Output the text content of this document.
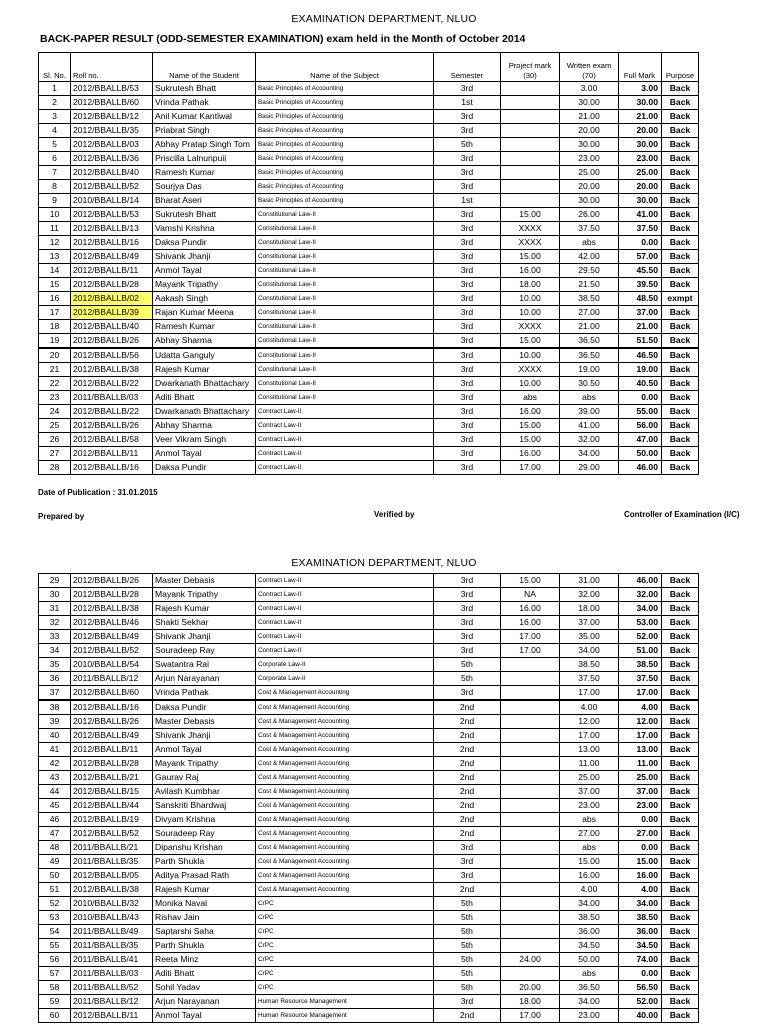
EXAMINATION DEPARTMENT, NLUO
BACK-PAPER RESULT (ODD-SEMESTER EXAMINATION) exam held in the Month of October 2014
Sl. No.	Roll no.	Name of the Student	Name of the Subject	Semester	Project mark (30)	Written exam (70)	Full Mark	Purpose
1	2012/BBALLB/53	Sukrutesh Bhatt	Basic Principles of Accounting	3rd		3.00	3.00	Back
2	2012/BBALLB/60	Vrinda Pathak	Basic Principles of Accounting	1st		30.00	30.00	Back
3	2012/BBALLB/12	Anil Kumar Kantiwal	Basic Principles of Accounting	3rd		21.00	21.00	Back
4	2012/BBALLB/35	Priabrat Singh	Basic Principles of Accounting	3rd		20.00	20.00	Back
5	2012/BBALLB/03	Abhay Pratap Singh Tom	Basic Principles of Accounting	5th		30.00	30.00	Back
6	2012/BBALLB/36	Priscilla Lalnunpuii	Basic Principles of Accounting	3rd		23.00	23.00	Back
7	2012/BBALLB/40	Ramesh Kumar	Basic Principles of Accounting	3rd		25.00	25.00	Back
8	2012/BBALLB/52	Sourjya Das	Basic Principles of Accounting	3rd		20.00	20.00	Back
9	2010/BBALLB/14	Bharat Aseri	Basic Principles of Accounting	1st		30.00	30.00	Back
10	2012/BBALLB/53	Sukrutesh Bhatt	Constitutional Law-II	3rd	15.00	26.00	41.00	Back
11	2012/BBALLB/13	Vamshi Krishna	Constitutional Law-II	3rd	XXXX	37.50	37.50	Back
12	2012/BBALLB/16	Daksa Pundir	Constitutional Law-II	3rd	XXXX	abs	0.00	Back
13	2012/BBALLB/49	Shivank Jhanji	Constitutional Law-II	3rd	15.00	42.00	57.00	Back
14	2012/BBALLB/11	Anmol Tayal	Constitutional Law-II	3rd	16.00	29.50	45.50	Back
15	2012/BBALLB/28	Mayank Tripathy	Constitutional Law-II	3rd	18.00	21.50	39.50	Back
16	2012/BBALLB/02	Aakash Singh	Constitutional Law-II	3rd	10.00	38.50	48.50	exmpt
17	2012/BBALLB/39	Rajan Kumar Meena	Constitutional Law-II	3rd	10.00	27.00	37.00	Back
18	2012/BBALLB/40	Ramesh Kumar	Constitutional Law-II	3rd	XXXX	21.00	21.00	Back
19	2012/BBALLB/26	Abhay Sharma	Constitutional Law-II	3rd	15.00	36.50	51.50	Back
20	2012/BBALLB/56	Udatta Ganguly	Constitutional Law-II	3rd	10.00	36.50	46.50	Back
21	2012/BBALLB/38	Rajesh Kumar	Constitutional Law-II	3rd	XXXX	19.00	19.00	Back
22	2012/BBALLB/22	Dwarkanath Bhattachary	Constitutional Law-II	3rd	10.00	30.50	40.50	Back
23	2011/BBALLB/03	Aditi Bhatt	Constitutional Law-II	3rd	abs	abs	0.00	Back
24	2012/BBALLB/22	Dwarkanath Bhattachary	Contract Law-II	3rd	16.00	39.00	55.00	Back
25	2012/BBALLB/26	Abhay Sharma	Contract Law-II	3rd	15.00	41.00	56.00	Back
26	2012/BBALLB/58	Veer Vikram Singh	Contract Law-II	3rd	15.00	32.00	47.00	Back
27	2012/BBALLB/11	Anmol Tayal	Contract Law-II	3rd	16.00	34.00	50.00	Back
28	2012/BBALLB/16	Daksa Pundir	Contract Law-II	3rd	17.00	29.00	46.00	Back
Date of Publication : 31.01.2015
Prepared by	Verified by	Controller of Examination (I/C)
EXAMINATION DEPARTMENT, NLUO
29	2012/BBALLB/26	Master Debasis	Contract Law-II	3rd	15.00	31.00	46.00	Back
30	2012/BBALLB/28	Mayank Tripathy	Contract Law-II	3rd	NA	32.00	32.00	Back
31	2012/BBALLB/38	Rajesh Kumar	Contract Law-II	3rd	16.00	18.00	34.00	Back
32	2012/BBALLB/46	Shakti Sekhar	Contract Law-II	3rd	16.00	37.00	53.00	Back
33	2012/BBALLB/49	Shivank Jhanji	Contract Law-II	3rd	17.00	35.00	52.00	Back
34	2012/BBALLB/52	Souradeep Ray	Contract Law-II	3rd	17.00	34.00	51.00	Back
35	2010/BBALLB/54	Swatantra Rai	Corporate Law-II	5th		38.50	38.50	Back
36	2011/BBALLB/12	Arjun Narayanan	Corporate Law-II	5th		37.50	37.50	Back
37	2012/BBALLB/60	Vrinda Pathak	Cost & Management Accounting	3rd		17.00	17.00	Back
38	2012/BBALLB/16	Daksa Pundir	Cost & Management Accounting	2nd		4.00	4.00	Back
39	2012/BBALLB/26	Master Debasis	Cost & Management Accounting	2nd		12.00	12.00	Back
40	2012/BBALLB/49	Shivank Jhanji	Cost & Management Accounting	2nd		17.00	17.00	Back
41	2012/BBALLB/11	Anmol Tayal	Cost & Management Accounting	2nd		13.00	13.00	Back
42	2012/BBALLB/28	Mayank Tripathy	Cost & Management Accounting	2nd		11.00	11.00	Back
43	2012/BBALLB/21	Gaurav Raj	Cost & Management Accounting	2nd		25.00	25.00	Back
44	2012/BBALLB/15	Avilash Kumbhar	Cost & Management Accounting	2nd		37.00	37.00	Back
45	2012/BBALLB/44	Sanskriti Bhardwaj	Cost & Management Accounting	2nd		23.00	23.00	Back
46	2012/BBALLB/19	Divyam Krishna	Cost & Management Accounting	2nd		abs	0.00	Back
47	2012/BBALLB/52	Souradeep Ray	Cost & Management Accounting	2nd		27.00	27.00	Back
48	2011/BBALLB/21	Dipanshu Krishan	Cost & Management Accounting	3rd		abs	0.00	Back
49	2011/BBALLB/35	Parth Shukla	Cost & Management Accounting	3rd		15.00	15.00	Back
50	2012/BBALLB/05	Aditya Prasad Rath	Cost & Management Accounting	3rd		16.00	16.00	Back
51	2012/BBALLB/38	Rajesh Kumar	Cost & Management Accounting	2nd		4.00	4.00	Back
52	2010/BBALLB/32	Monika Naval	CrPC	5th		34.00	34.00	Back
53	2010/BBALLB/43	Rishav Jain	CrPC	5th		38.50	38.50	Back
54	2011/BBALLB/49	Saptarshi Saha	CrPC	5th		36.00	36.00	Back
55	2011/BBALLB/35	Parth Shukla	CrPC	5th		34.50	34.50	Back
56	2011/BBALLB/41	Reeta Minz	CrPC	5th	24.00	50.00	74.00	Back
57	2011/BBALLB/03	Aditi Bhatt	CrPC	5th		abs	0.00	Back
58	2011/BBALLB/52	Sohil Yadav	CrPC	5th	20.00	36.50	56.50	Back
59	2011/BBALLB/12	Arjun Narayanan	Human Resource Management	3rd	18.00	34.00	52.00	Back
60	2012/BBALLB/11	Anmol Tayal	Human Resource Management	2nd	17.00	23.00	40.00	Back
